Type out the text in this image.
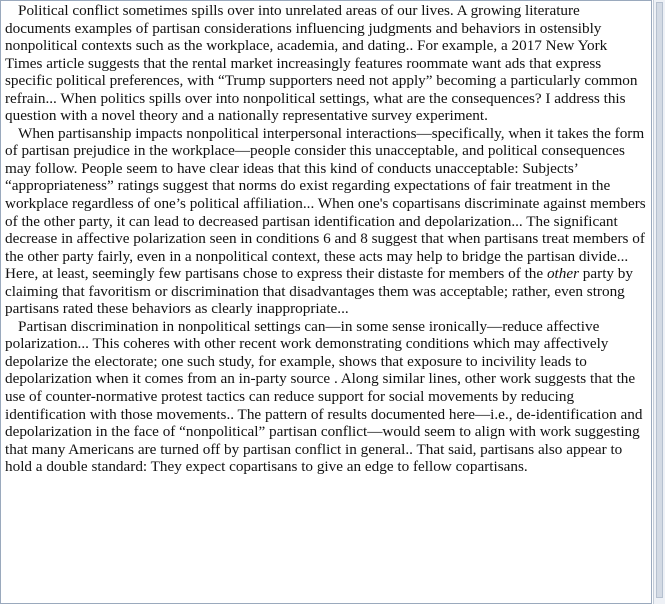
Political conflict sometimes spills over into unrelated areas of our lives. A growing literature documents examples of partisan considerations influencing judgments and behaviors in ostensibly nonpolitical contexts such as the workplace, academia, and dating.. For example, a 2017 New York Times article suggests that the rental market increasingly features roommate want ads that express specific political preferences, with “Trump supporters need not apply” becoming a particularly common refrain... When politics spills over into nonpolitical settings, what are the consequences? I address this question with a novel theory and a nationally representative survey experiment.

When partisanship impacts nonpolitical interpersonal interactions—specifically, when it takes the form of partisan prejudice in the workplace—people consider this unacceptable, and political consequences may follow. People seem to have clear ideas that this kind of conducts unacceptable: Subjects’ “appropriateness” ratings suggest that norms do exist regarding expectations of fair treatment in the workplace regardless of one’s political affiliation... When one's copartisans discriminate against members of the other party, it can lead to decreased partisan identification and depolarization... The significant decrease in affective polarization seen in conditions 6 and 8 suggest that when partisans treat members of the other party fairly, even in a nonpolitical context, these acts may help to bridge the partisan divide... Here, at least, seemingly few partisans chose to express their distaste for members of the other party by claiming that favoritism or discrimination that disadvantages them was acceptable; rather, even strong partisans rated these behaviors as clearly inappropriate...

Partisan discrimination in nonpolitical settings can—in some sense ironically—reduce affective polarization... This coheres with other recent work demonstrating conditions which may affectively depolarize the electorate; one such study, for example, shows that exposure to incivility leads to depolarization when it comes from an in-party source . Along similar lines, other work suggests that the use of counter-normative protest tactics can reduce support for social movements by reducing identification with those movements.. The pattern of results documented here—i.e., de-identification and depolarization in the face of “nonpolitical” partisan conflict—would seem to align with work suggesting that many Americans are turned off by partisan conflict in general.. That said, partisans also appear to hold a double standard: They expect copartisans to give an edge to fellow copartisans.
